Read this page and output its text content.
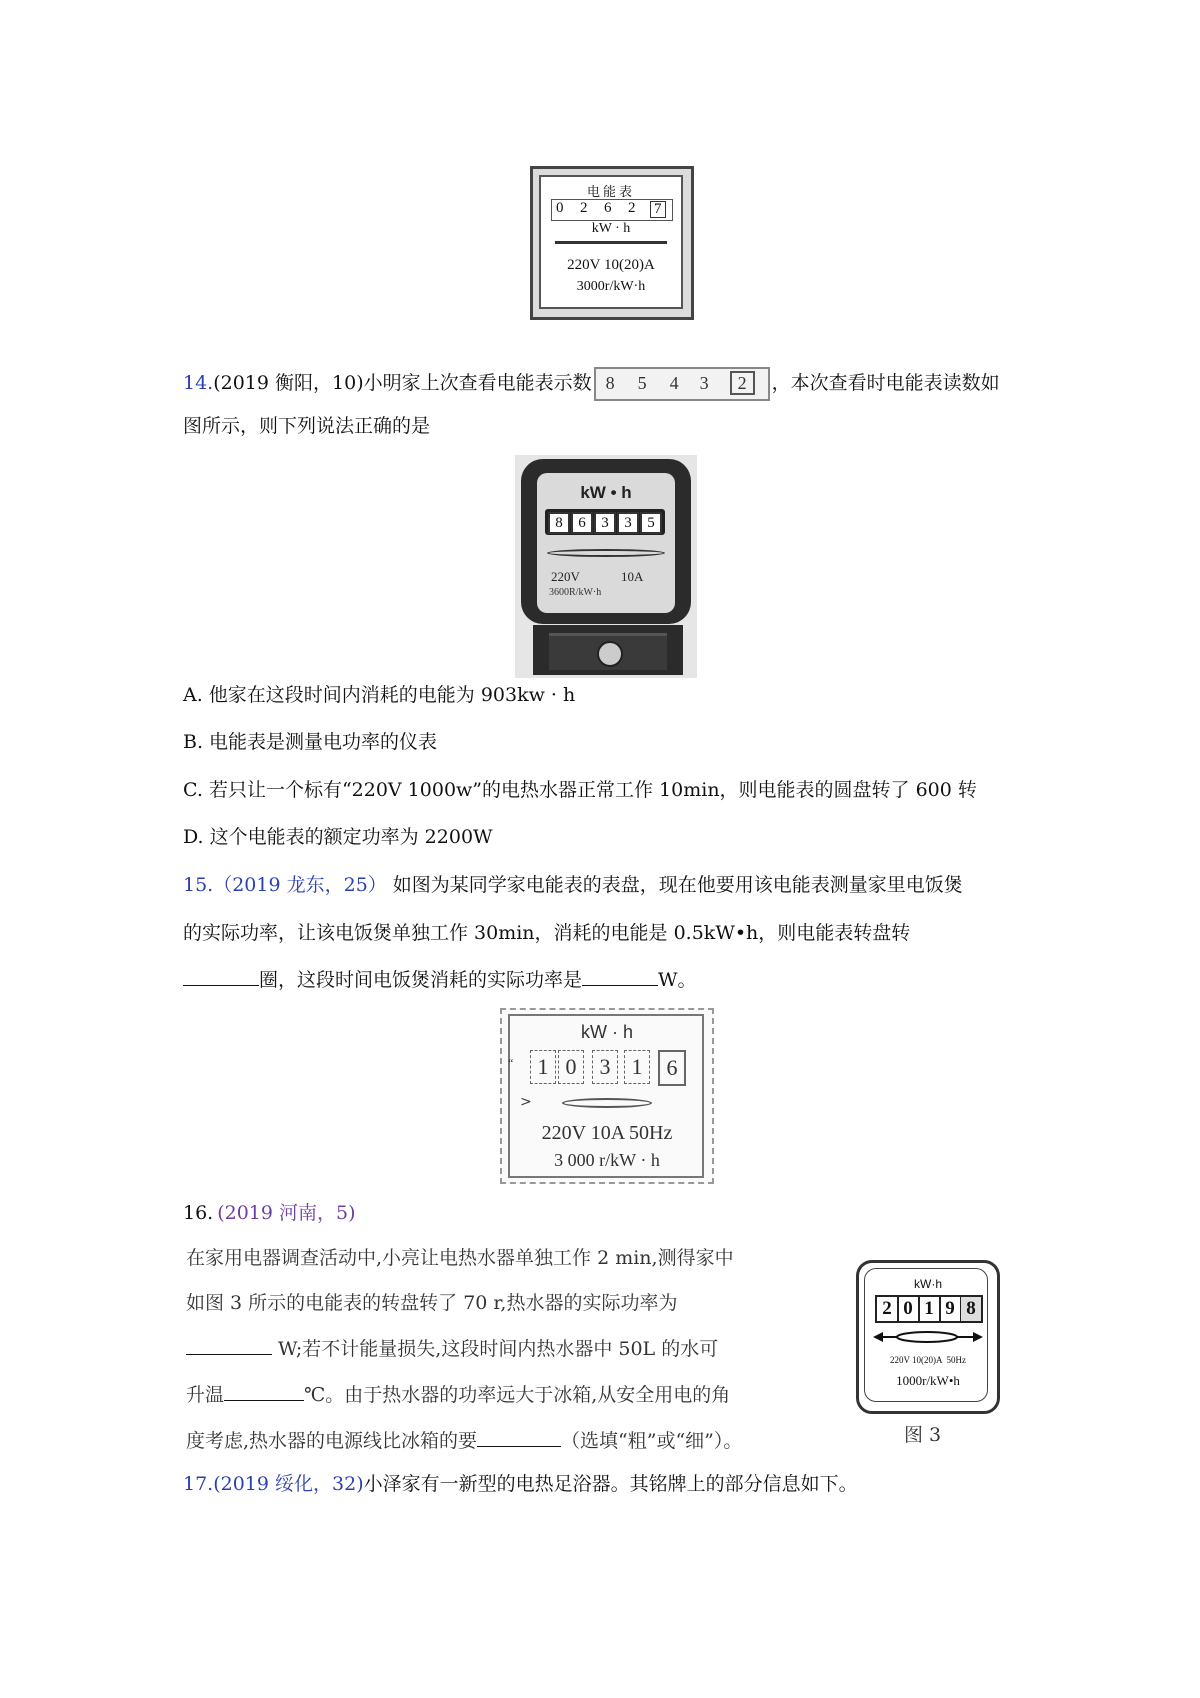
电能表
0 2 6 2 7
kW · h
220V 10(20)A
3000r/kW·h
14.(2019 衡阳，10)小明家上次查看电能表示数 8 5 4 3	2	，本次查看时电能表读数如
图所示，则下列说法正确的是
kW • h
8	6	3	3	5
220V	10A
3600R/kW·h
A. 他家在这段时间内消耗的电能为 903kw · h
B. 电能表是测量电功率的仪表
C. 若只让一个标有“220V 1000w”的电热水器正常工作 10min，则电能表的圆盘转了 600 转
D. 这个电能表的额定功率为 2200W
15.（2019 龙东，25） 如图为某同学家电能表的表盘，现在他要用该电能表测量家里电饭煲
的实际功率，让该电饭煲单独工作 30min，消耗的电能是 0.5kW•h，则电能表转盘转
圈，这段时间电饭煲消耗的实际功率是	W。
kW · h
“	1 0	3 1	6
>
220V 10A 50Hz
3 000 r/kW · h
16. (2019 河南，5)
在家用电器调查活动中,小亮让电热水器单独工作 2 min,测得家中
如图 3 所示的电能表的转盘转了 70 r,热水器的实际功率为
W;若不计能量损失,这段时间内热水器中 50L 的水可
升温	℃。由于热水器的功率远大于冰箱,从安全用电的角
度考虑,热水器的电源线比冰箱的要	（选填“粗”或“细”）。
kW·h
2 0 1 9 8
220V 10(20)A  50Hz
1000r/kW•h
图 3
17.(2019 绥化，32)小泽家有一新型的电热足浴器。其铭牌上的部分信息如下。
